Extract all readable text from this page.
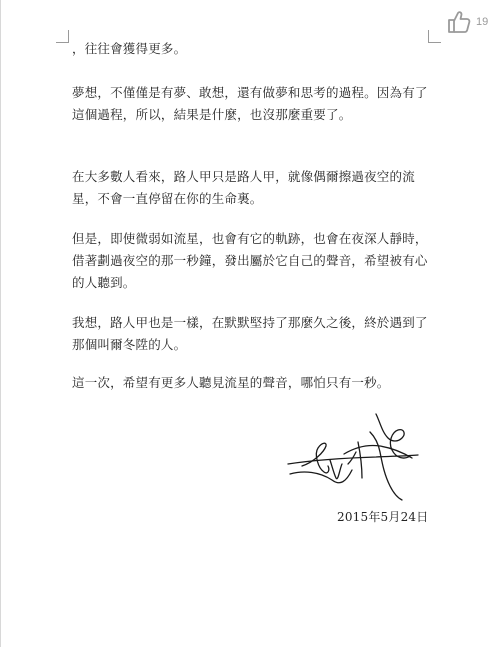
19
，往往會獲得更多。
夢想，不僅僅是有夢、敢想，還有做夢和思考的過程。因為有了這個過程，所以，結果是什麼，也沒那麼重要了。
在大多數人看來，路人甲只是路人甲，就像偶爾擦過夜空的流星，不會一直停留在你的生命裏。
但是，即使微弱如流星，也會有它的軌跡，也會在夜深人靜時，借著劃過夜空的那一秒鐘，發出屬於它自己的聲音，希望被有心的人聽到。
我想，路人甲也是一樣，在默默堅持了那麼久之後，終於遇到了那個叫爾冬陞的人。
這一次，希望有更多人聽見流星的聲音，哪怕只有一秒。
2015年5月24日
